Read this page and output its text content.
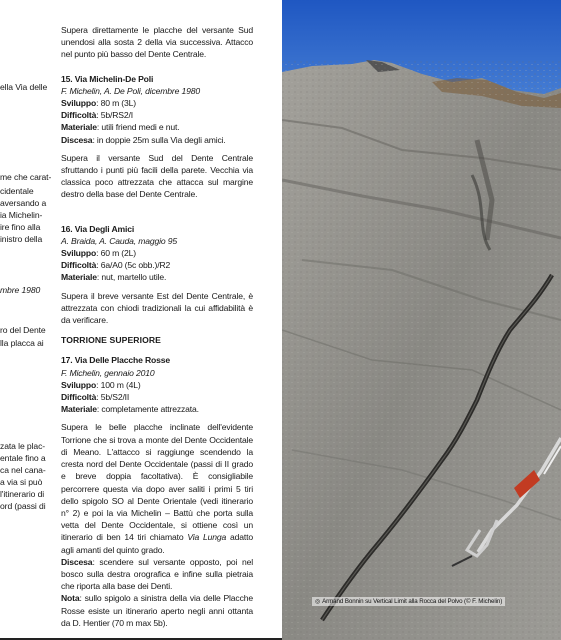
ella Via delle
me che carat-
cidentale
aversando a
ia Michelin-
ire fino alla
inistro della
mbre 1980
ro del Dente
lla placca ai
zata le plac-
entale fino a
ca nel cana-
a via si può
l'itinerario di
ord (passi di

Supera direttamente le placche del versante Sud unendosi alla sosta 2 della via successiva. Attacco nel punto più basso del Dente Centrale.

15. Via Michelin-De Poli
F. Michelin, A. De Poli, dicembre 1980
Sviluppo: 80 m (3L)
Difficoltà: 5b/RS2/I
Materiale: utili friend medi e nut.
Discesa: in doppie 25m sulla Via degli amici.

Supera il versante Sud del Dente Centrale sfruttando i punti più facili della parete. Vecchia via classica poco attrezzata che attacca sul margine destro della base del Dente Centrale.

16. Via Degli Amici
A. Braida, A. Cauda, maggio 95
Sviluppo: 60 m (2L)
Difficoltà: 6a/A0 (5c obb.)/R2
Materiale: nut, martello utile.

Supera il breve versante Est del Dente Centrale, è attrezzata con chiodi tradizionali la cui affidabilità è da verificare.

TORRIONE SUPERIORE
17. Via Delle Placche Rosse
F. Michelin, gennaio 2010
Sviluppo: 100 m (4L)
Difficoltà: 5b/S2/II
Materiale: completamente attrezzata.

Supera le belle placche inclinate dell'evidente Torrione che si trova a monte del Dente Occidentale di Meano. L'attacco si raggiunge scendendo la cresta nord del Dente Occidentale (passi di II grado e breve doppia facoltativa). È consigliabile percorrere questa via dopo aver saliti i primi 5 tiri dello spigolo SO al Dente Orientale (vedi itinerario n° 2) e poi la via Michelin – Battù che porta sulla vetta del Dente Occidentale, si ottiene così un itinerario di ben 14 tiri chiamato Via Lunga adatto agli amanti del quinto grado.

Discesa: scendere sul versante opposto, poi nel bosco sulla destra orografica e infine sulla pietraia che riporta alla base dei Denti.
Nota: sullo spigolo a sinistra della via delle Placche Rosse esiste un itinerario aperto negli anni ottanta da D. Hentier (70 m max 5b).
◎ Armand Bonnin su Vertical Limit alla Rocca del Polvo (© F. Michelin)
